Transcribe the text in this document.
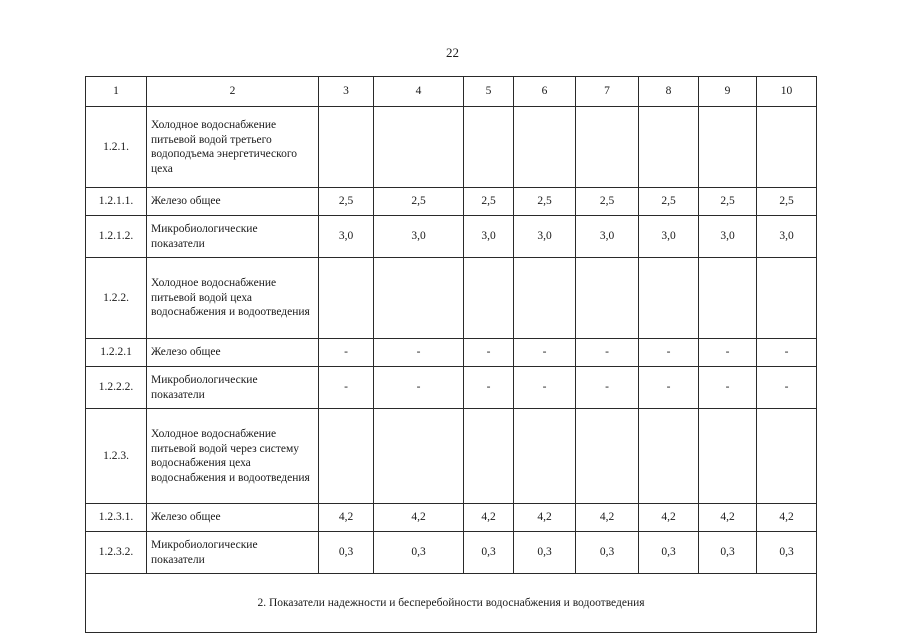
22
1	2	3	4	5	6	7	8	9	10
1.2.1.	Холодное водоснабжение питьевой водой третьего водоподъема энергетического цеха								
1.2.1.1.	Железо общее	2,5	2,5	2,5	2,5	2,5	2,5	2,5	2,5
1.2.1.2.	Микробиологические показатели	3,0	3,0	3,0	3,0	3,0	3,0	3,0	3,0
1.2.2.	Холодное водоснабжение питьевой водой цеха водоснабжения и водоотведения								
1.2.2.1	Железо общее	-	-	-	-	-	-	-	-
1.2.2.2.	Микробиологические показатели	-	-	-	-	-	-	-	-
1.2.3.	Холодное водоснабжение питьевой водой через систему водоснабжения цеха водоснабжения и водоотведения								
1.2.3.1.	Железо общее	4,2	4,2	4,2	4,2	4,2	4,2	4,2	4,2
1.2.3.2.	Микробиологические показатели	0,3	0,3	0,3	0,3	0,3	0,3	0,3	0,3
2. Показатели надежности и бесперебойности водоснабжения и водоотведения									
